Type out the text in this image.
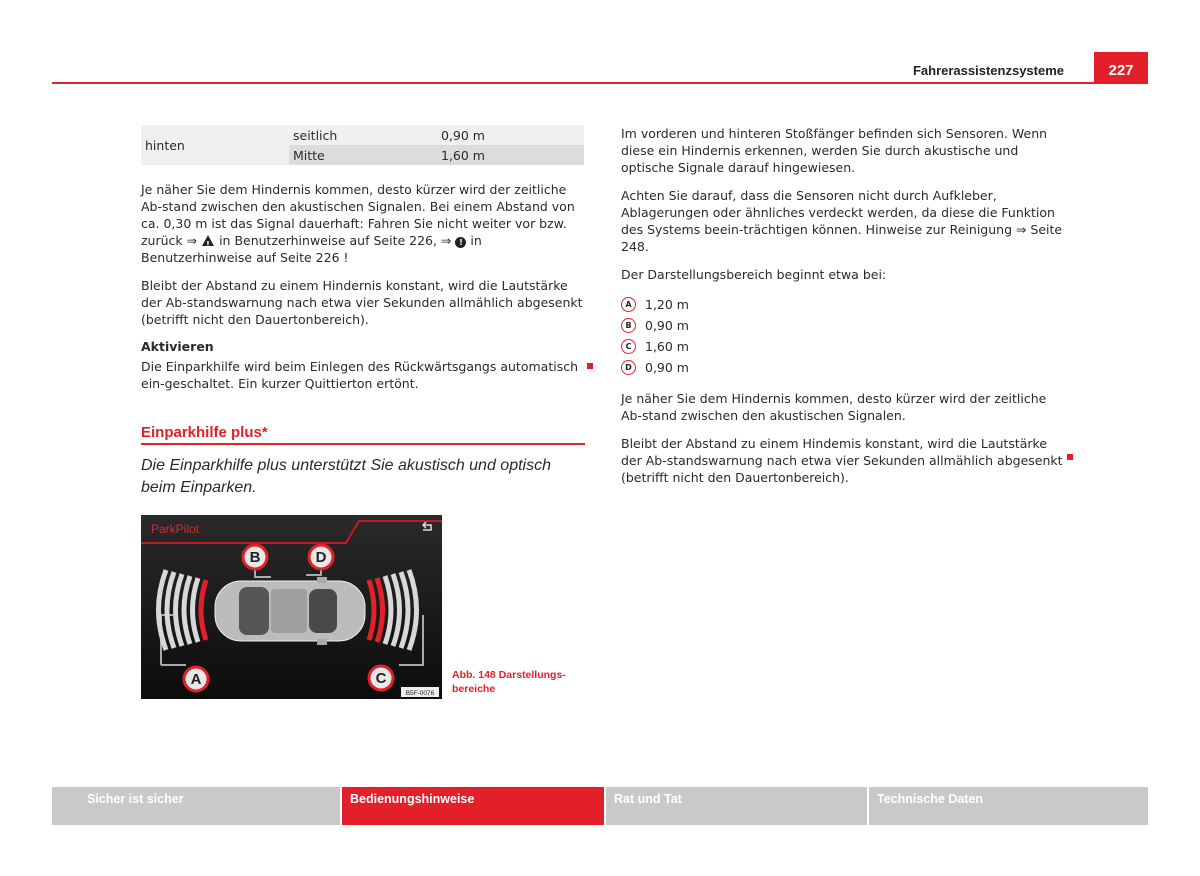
Fahrerassistenzsysteme	227
hinten	seitlich	0,90 m
	Mitte	1,60 m

Je näher Sie dem Hindernis kommen, desto kürzer wird der zeitliche Ab-stand zwischen den akustischen Signalen. Bei einem Abstand von ca. 0,30 m ist das Signal dauerhaft: Fahren Sie nicht weiter vor bzw. zurück ⇒ ! in Benutzerhinweise auf Seite 226, ⇒ ! in Benutzerhinweise auf Seite 226 !

Bleibt der Abstand zu einem Hindernis konstant, wird die Lautstärke der Ab-standswarnung nach etwa vier Sekunden allmählich abgesenkt (betrifft nicht den Dauertonbereich).

Aktivieren

Die Einparkhilfe wird beim Einlegen des Rückwärtsgangs automatisch ein-geschaltet. Ein kurzer Quittierton ertönt.

Einparkhilfe plus*
Die Einparkhilfe plus unterstützt Sie akustisch und optisch beim Einparken.
ParkPilot
A
B
C
D
B5F-0076
Abb. 148 Darstellungs-bereiche

Im vorderen und hinteren Stoßfänger befinden sich Sensoren. Wenn diese ein Hindernis erkennen, werden Sie durch akustische und optische Signale darauf hingewiesen.

Achten Sie darauf, dass die Sensoren nicht durch Aufkleber, Ablagerungen oder ähnliches verdeckt werden, da diese die Funktion des Systems beein-trächtigen können. Hinweise zur Reinigung ⇒ Seite 248.

Der Darstellungsbereich beginnt etwa bei:

A	1,20 m
B	0,90 m
C	1,60 m
D	0,90 m

Je näher Sie dem Hindernis kommen, desto kürzer wird der zeitliche Ab-stand zwischen den akustischen Signalen.

Bleibt der Abstand zu einem Hindemis konstant, wird die Lautstärke der Ab-standswarnung nach etwa vier Sekunden allmählich abgesenkt (betrifft nicht den Dauertonbereich).

Sicher ist sicher	Bedienungshinweise	Rat und Tat	Technische Daten
